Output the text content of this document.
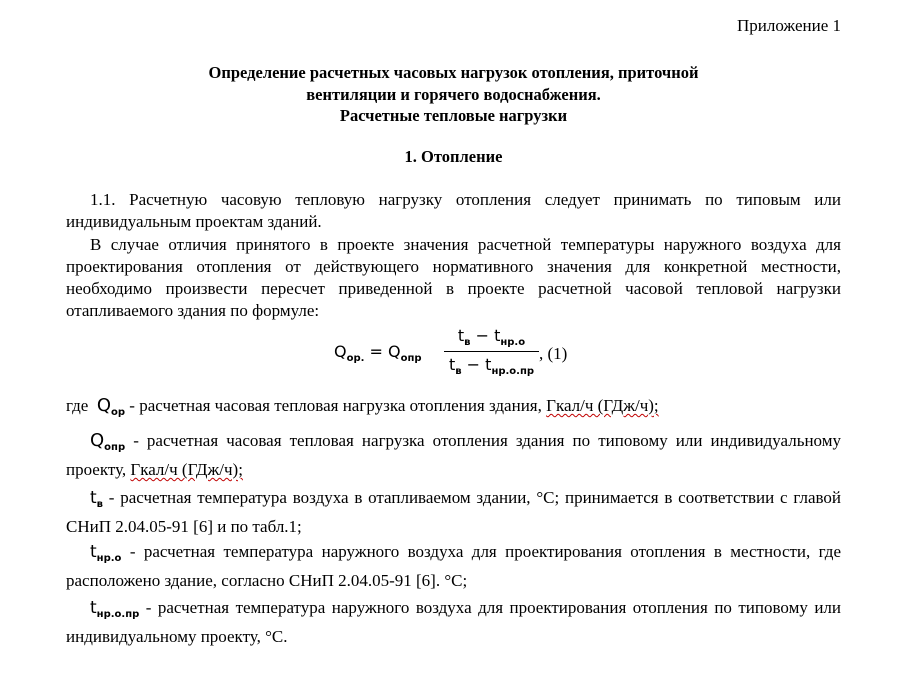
Приложение 1
Определение расчетных часовых нагрузок отопления, приточной
вентиляции и горячего водоснабжения.
Расчетные тепловые нагрузки
1. Отопление
1.1. Расчетную часовую тепловую нагрузку отопления следует принимать по типовым или индивидуальным проектам зданий.
В случае отличия принятого в проекте значения расчетной температуры наружного воздуха для проектирования отопления от действующего нормативного значения для конкретной местности, необходимо произвести пересчет приведенной в проекте расчетной часовой тепловой нагрузки отапливаемого здания по формуле:
$Q_{ор.} = Q_{опр}$
$t_в - t_{нр.о}$
$t_в - t_{нр.о.пр}$
, (1)
где $Q_{ор}$ - расчетная часовая тепловая нагрузка отопления здания, Гкал/ч (ГДж/ч);
$Q_{опр}$ - расчетная часовая тепловая нагрузка отопления здания по типовому или индивидуальному проекту, Гкал/ч (ГДж/ч);
$t_в$ - расчетная температура воздуха в отапливаемом здании, °С; принимается в соответствии с главой СНиП 2.04.05-91 [6] и по табл.1;
$t_{нр.о}$ - расчетная температура наружного воздуха для проектирования отопления в местности, где расположено здание, согласно СНиП 2.04.05-91 [6]. °С;
$t_{нр.о.пр}$ - расчетная температура наружного воздуха для проектирования отопления по типовому или индивидуальному проекту, °С.
